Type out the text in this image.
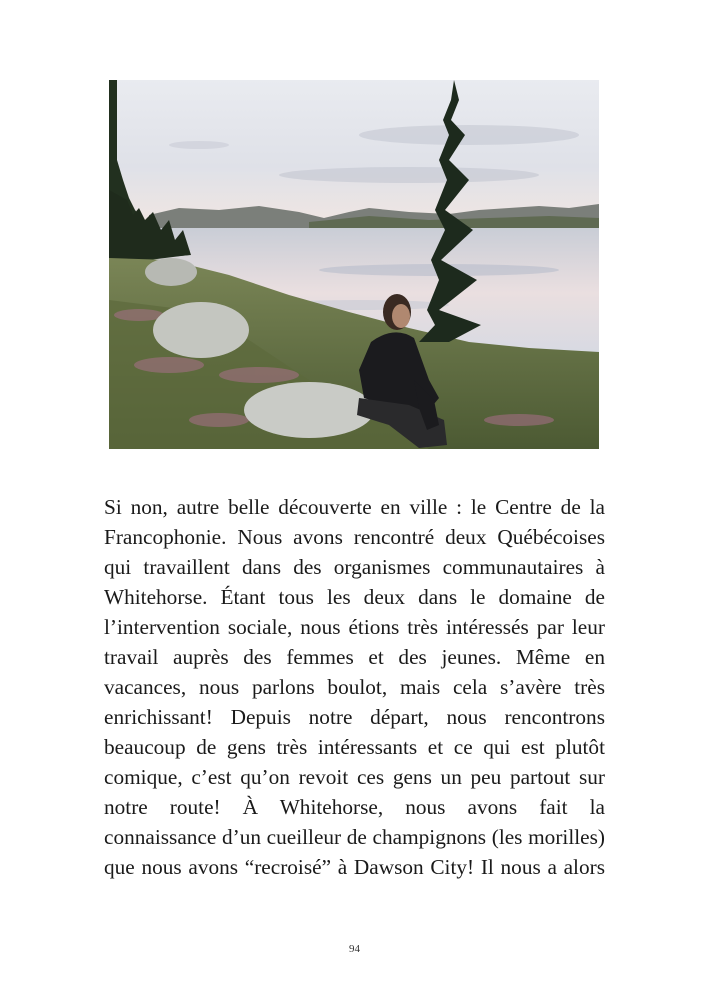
Si non, autre belle découverte en ville : le Centre de la Francophonie. Nous avons rencontré deux Québécoises qui travaillent dans des organismes communautaires à Whitehorse. Étant tous les deux dans le domaine de l’intervention sociale, nous étions très intéressés par leur travail auprès des femmes et des jeunes. Même en vacances, nous parlons boulot, mais cela s’avère très enrichissant! Depuis notre départ, nous rencontrons beaucoup de gens très intéressants et ce qui est plutôt comique, c’est qu’on revoit ces gens un peu partout sur notre route! À Whitehorse, nous avons fait la connaissance d’un cueilleur de champignons (les morilles) que nous avons “recroisé” à Dawson City! Il nous a alors

94
